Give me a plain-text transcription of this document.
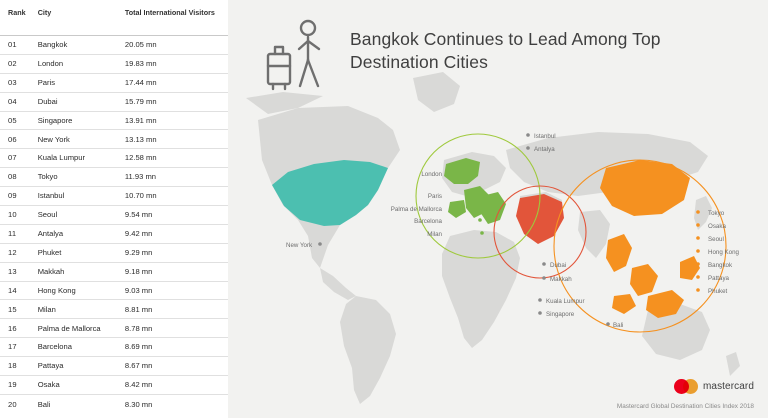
Rank	City	Total International Visitors
01	Bangkok	20.05 mn
02	London	19.83 mn
03	Paris	17.44 mn
04	Dubai	15.79 mn
05	Singapore	13.91 mn
06	New York	13.13 mn
07	Kuala Lumpur	12.58 mn
08	Tokyo	11.93 mn
09	Istanbul	10.70 mn
10	Seoul	9.54 mn
11	Antalya	9.42 mn
12	Phuket	9.29 mn
13	Makkah	9.18 mn
14	Hong Kong	9.03 mn
15	Milan	8.81 mn
16	Palma de Mallorca	8.78 mn
17	Barcelona	8.69 mn
18	Pattaya	8.67 mn
19	Osaka	8.42 mn
20	Bali	8.30 mn
Bangkok Continues to Lead Among Top Destination Cities
New York
London
Paris
Palma de Mallorca
Barcelona
Milan
Istanbul
Antalya
Dubai
Makkah
Kuala Lumpur
Singapore
Bali
Tokyo
Osaka
Seoul
Hong Kong
Bangkok
Pattaya
Phuket
mastercard
Mastercard Global Destination Cities Index 2018
